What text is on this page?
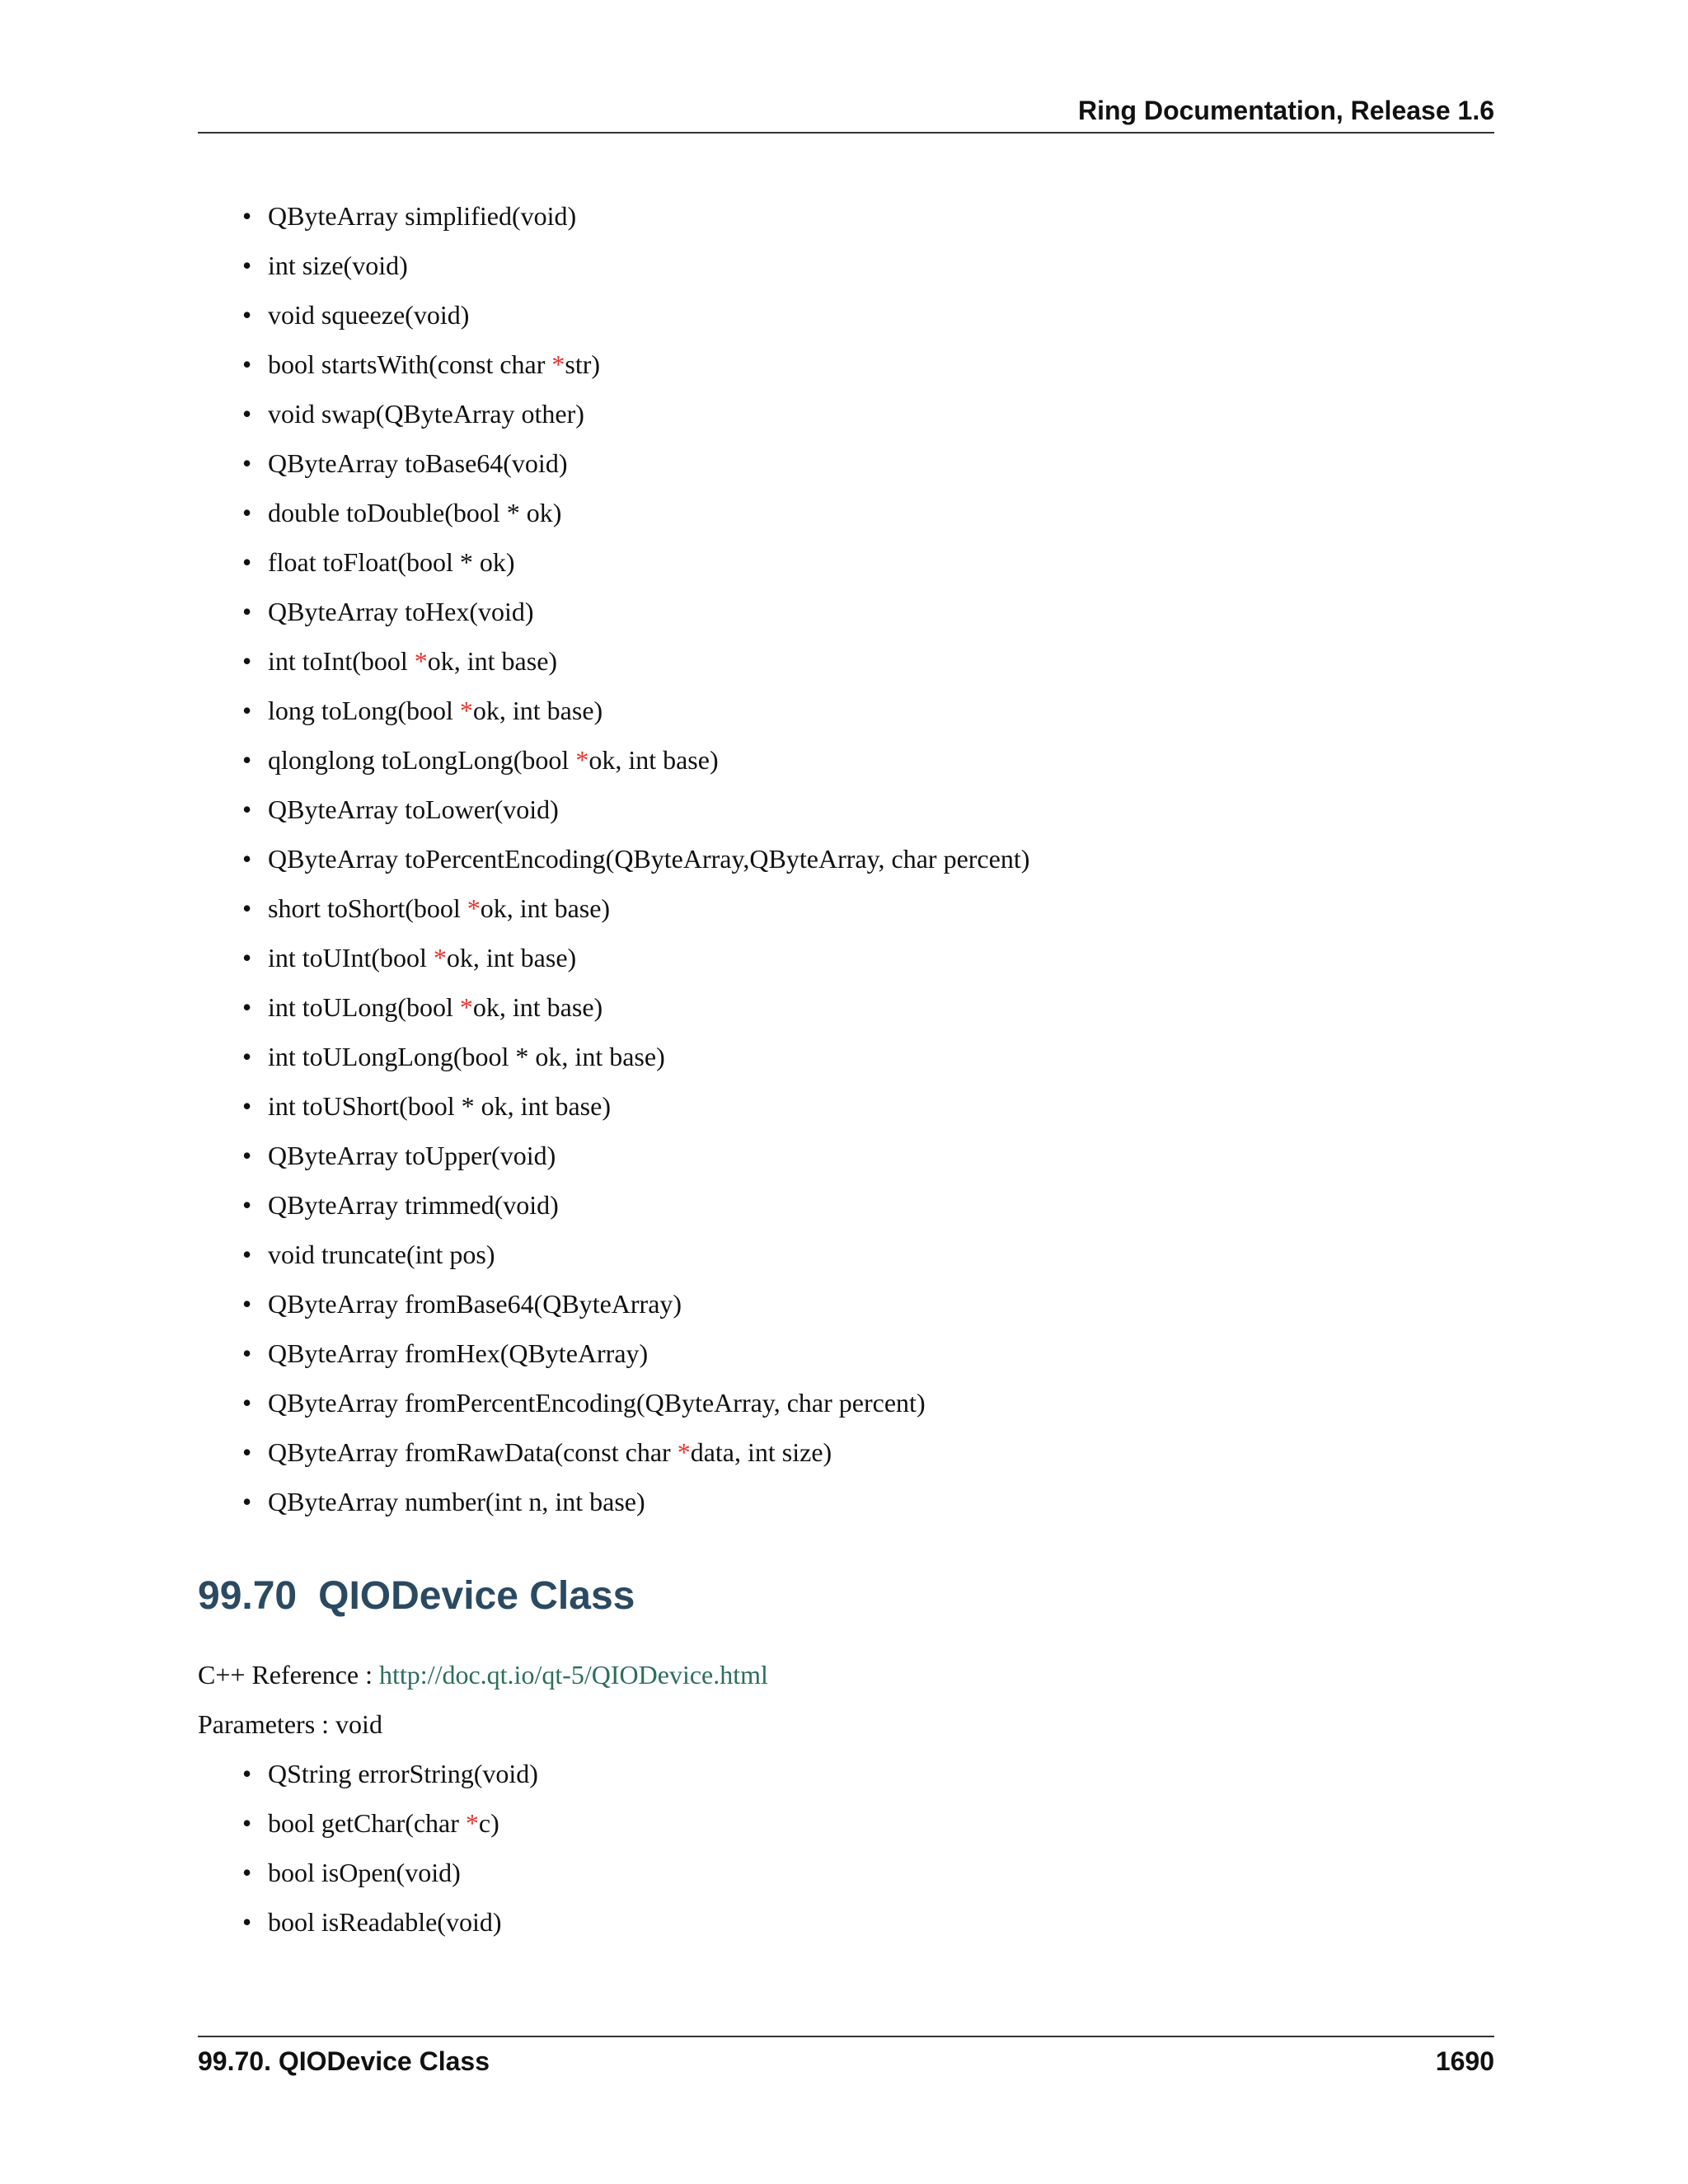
Ring Documentation, Release 1.6
• QByteArray simplified(void)
• int size(void)
• void squeeze(void)
• bool startsWith(const char *str)
• void swap(QByteArray other)
• QByteArray toBase64(void)
• double toDouble(bool * ok)
• float toFloat(bool * ok)
• QByteArray toHex(void)
• int toInt(bool *ok, int base)
• long toLong(bool *ok, int base)
• qlonglong toLongLong(bool *ok, int base)
• QByteArray toLower(void)
• QByteArray toPercentEncoding(QByteArray,QByteArray, char percent)
• short toShort(bool *ok, int base)
• int toUInt(bool *ok, int base)
• int toULong(bool *ok, int base)
• int toULongLong(bool * ok, int base)
• int toUShort(bool * ok, int base)
• QByteArray toUpper(void)
• QByteArray trimmed(void)
• void truncate(int pos)
• QByteArray fromBase64(QByteArray)
• QByteArray fromHex(QByteArray)
• QByteArray fromPercentEncoding(QByteArray, char percent)
• QByteArray fromRawData(const char *data, int size)
• QByteArray number(int n, int base)
99.70 QIODevice Class
C++ Reference : http://doc.qt.io/qt-5/QIODevice.html
Parameters : void
• QString errorString(void)
• bool getChar(char *c)
• bool isOpen(void)
• bool isReadable(void)
99.70. QIODevice Class	1690
